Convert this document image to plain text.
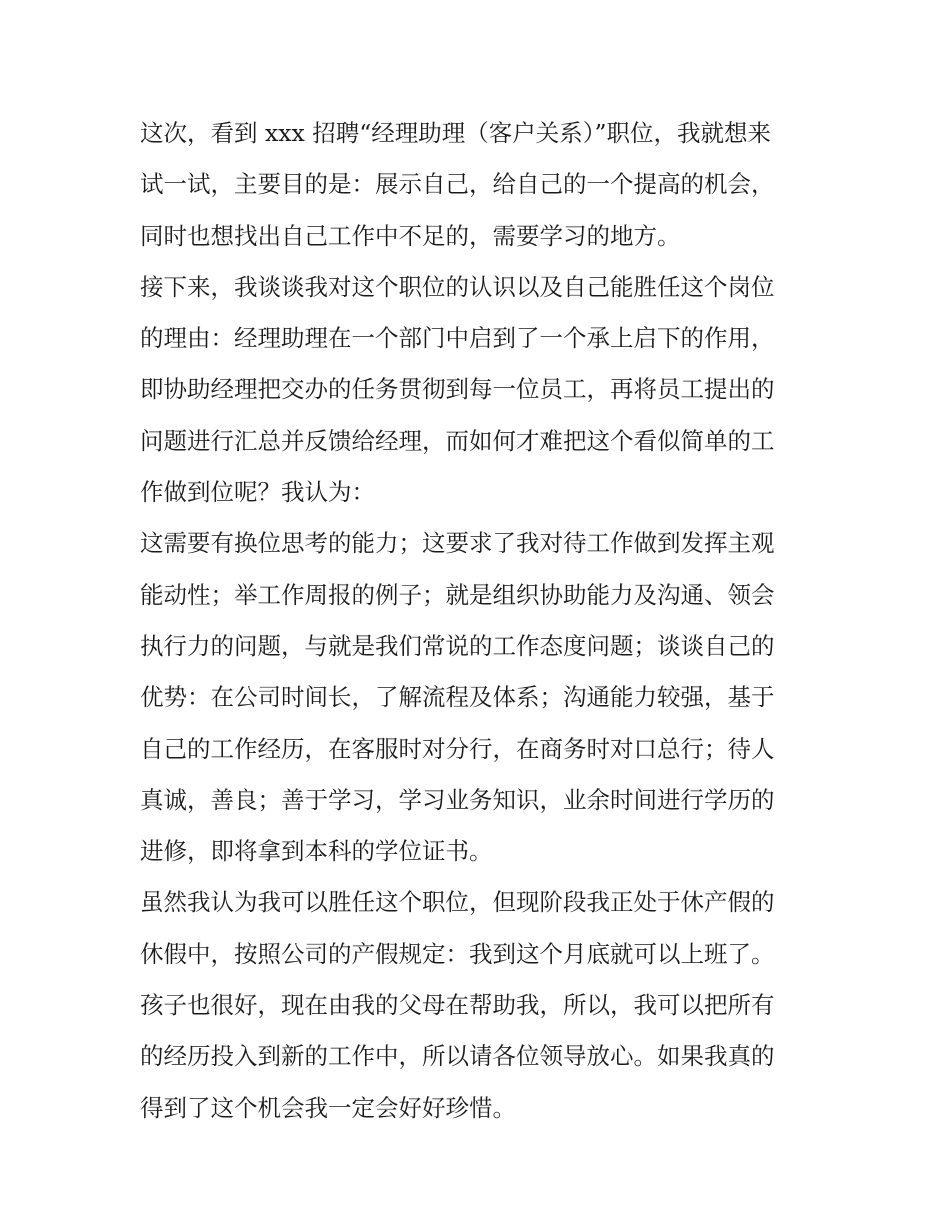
这次，看到 xxx 招聘“经理助理（客户关系）”职位，我就想来
试一试，主要目的是：展示自己，给自己的一个提高的机会，
同时也想找出自己工作中不足的，需要学习的地方。
接下来，我谈谈我对这个职位的认识以及自己能胜任这个岗位
的理由：经理助理在一个部门中启到了一个承上启下的作用，
即协助经理把交办的任务贯彻到每一位员工，再将员工提出的
问题进行汇总并反馈给经理，而如何才难把这个看似简单的工
作做到位呢？我认为：
这需要有换位思考的能力；这要求了我对待工作做到发挥主观
能动性；举工作周报的例子；就是组织协助能力及沟通、领会
执行力的问题，与就是我们常说的工作态度问题；谈谈自己的
优势：在公司时间长，了解流程及体系；沟通能力较强，基于
自己的工作经历，在客服时对分行，在商务时对口总行；待人
真诚，善良；善于学习，学习业务知识，业余时间进行学历的
进修，即将拿到本科的学位证书。
虽然我认为我可以胜任这个职位，但现阶段我正处于休产假的
休假中，按照公司的产假规定：我到这个月底就可以上班了。
孩子也很好，现在由我的父母在帮助我，所以，我可以把所有
的经历投入到新的工作中，所以请各位领导放心。如果我真的
得到了这个机会我一定会好好珍惜。
